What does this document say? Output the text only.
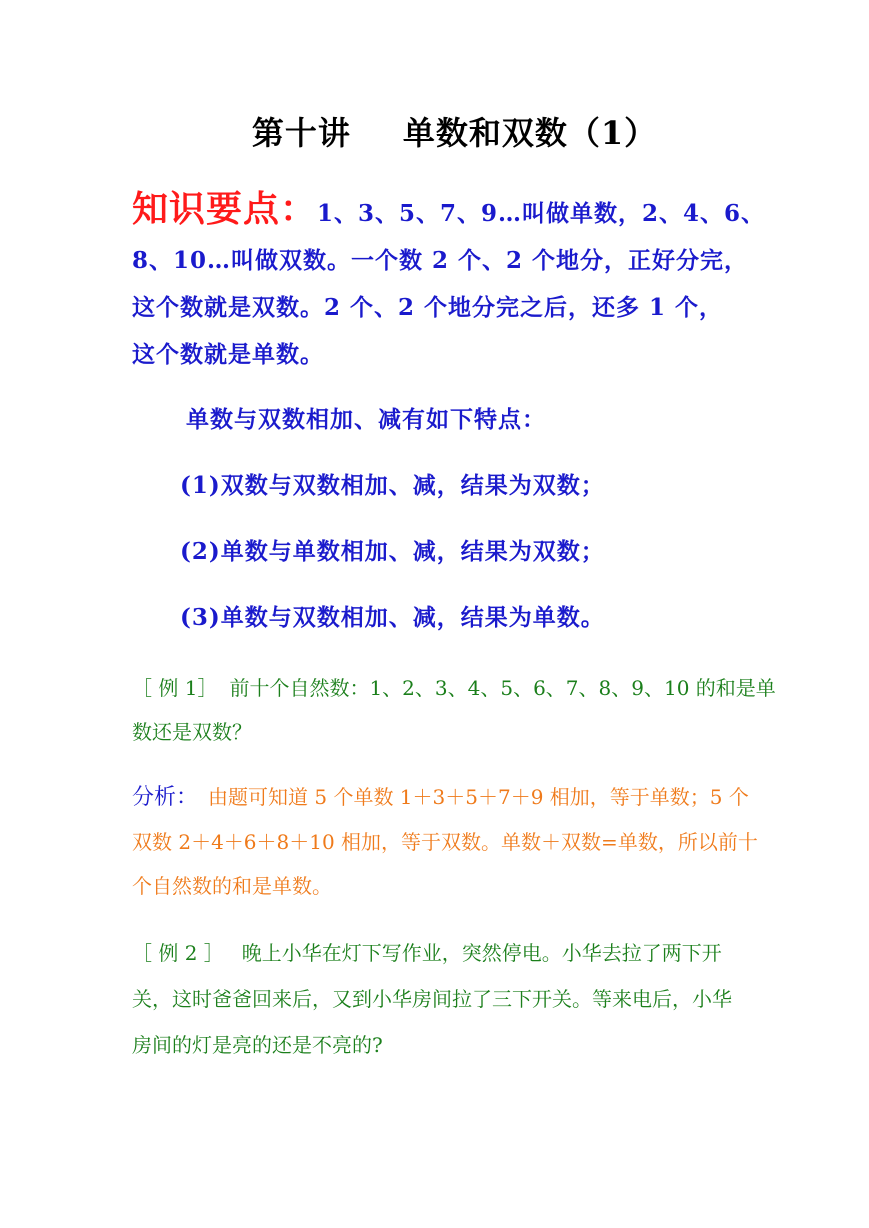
第十讲 单数和双数（1）
知识要点：1、3、5、7、9…叫做单数，2、4、6、
8、10…叫做双数。一个数 2 个、2 个地分，正好分完，
这个数就是双数。2 个、2 个地分完之后，还多 1 个，
这个数就是单数。
单数与双数相加、减有如下特点：
(1)双数与双数相加、减，结果为双数；
(2)单数与单数相加、减，结果为双数；
(3)单数与双数相加、减，结果为单数。
［ 例 1］ 前十个自然数：1、2、3、4、5、6、7、8、9、10 的和是单
数还是双数？
分析： 由题可知道 5 个单数 1＋3＋5＋7＋9 相加，等于单数；5 个
双数 2＋4＋6＋8＋10 相加，等于双数。单数＋双数=单数，所以前十
个自然数的和是单数。
［ 例 2 ］ 晚上小华在灯下写作业，突然停电。小华去拉了两下开
关，这时爸爸回来后，又到小华房间拉了三下开关。等来电后，小华
房间的灯是亮的还是不亮的?
